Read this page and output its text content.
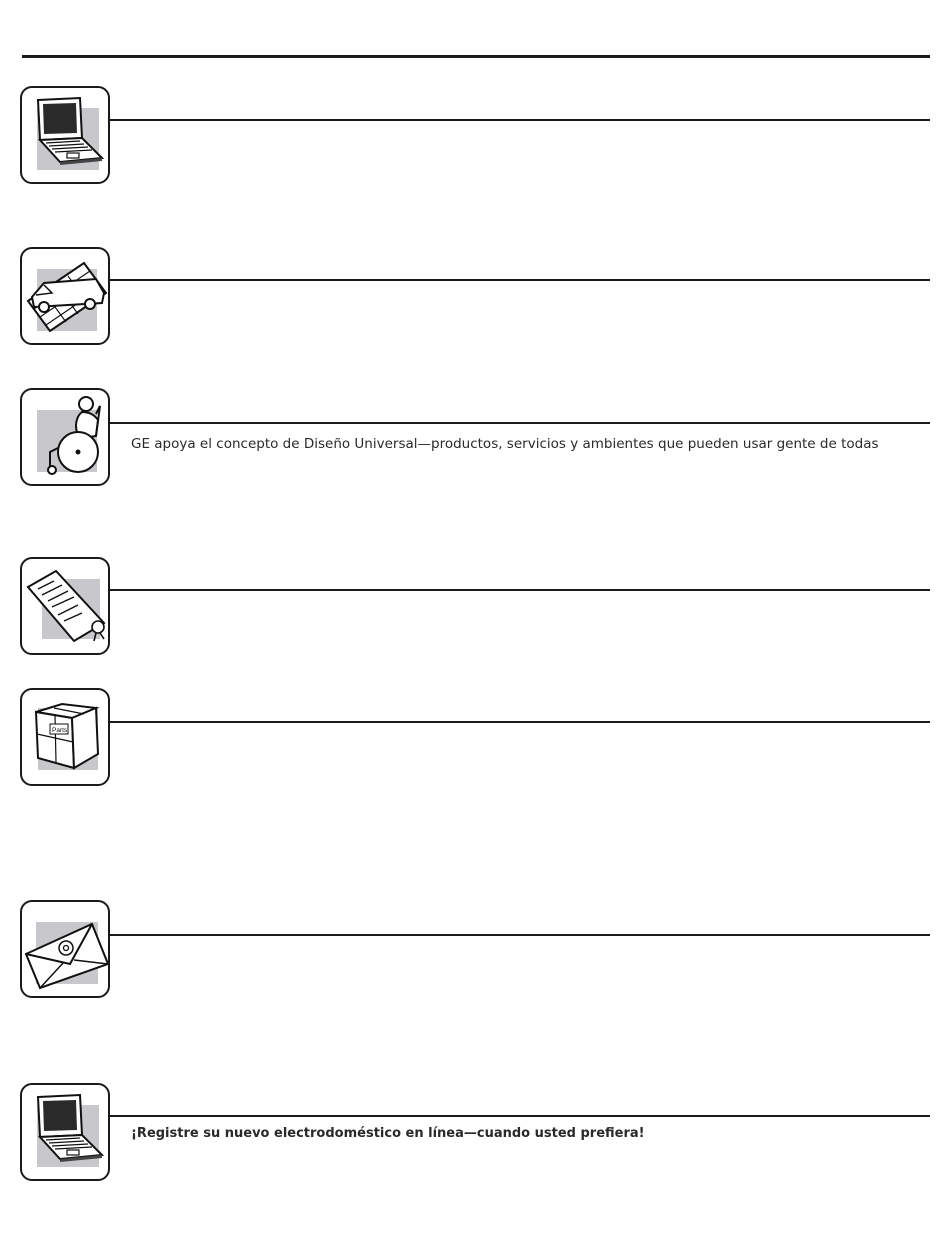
GE apoya el concepto de Diseño Universal—productos, servicios y ambientes que pueden usar gente de todas
Parts
¡Registre su nuevo electrodoméstico en línea—cuando usted prefiera!
